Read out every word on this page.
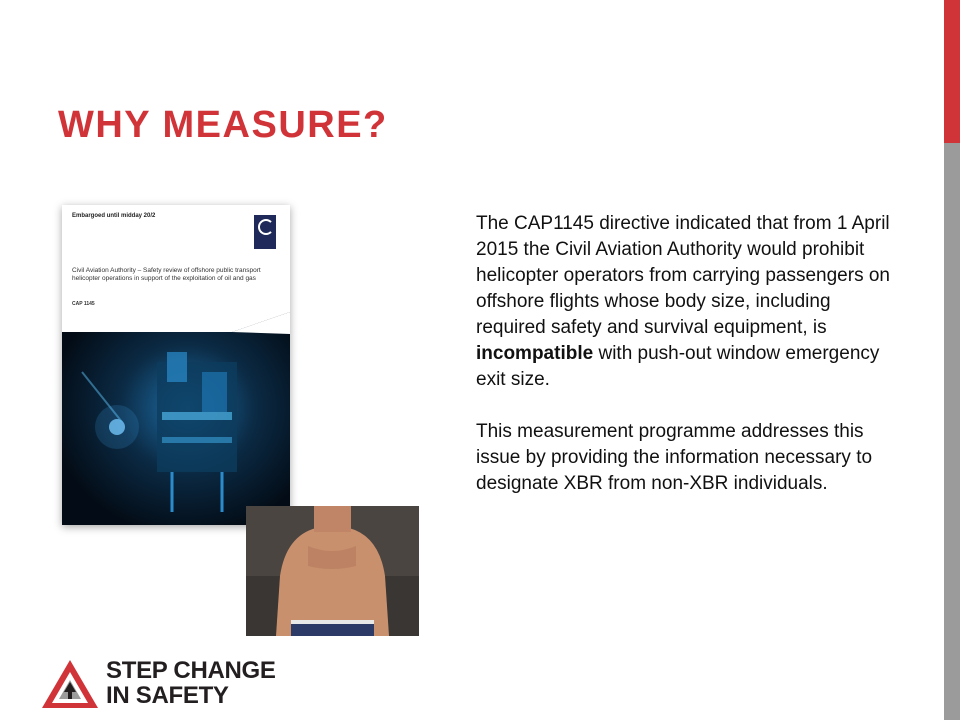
WHY MEASURE?
Embargoed until midday 20/2
Civil Aviation Authority – Safety review of offshore public transport helicopter operations in support of the exploitation of oil and gas
CAP 1145

The CAP1145 directive indicated that from 1 April 2015 the Civil Aviation Authority would prohibit helicopter operators from carrying passengers on offshore flights whose body size, including required safety and survival equipment, is incompatible with push-out window emergency exit size.

This measurement programme addresses this issue by providing the information necessary to designate XBR from non-XBR individuals.

STEP CHANGE
IN SAFETY
